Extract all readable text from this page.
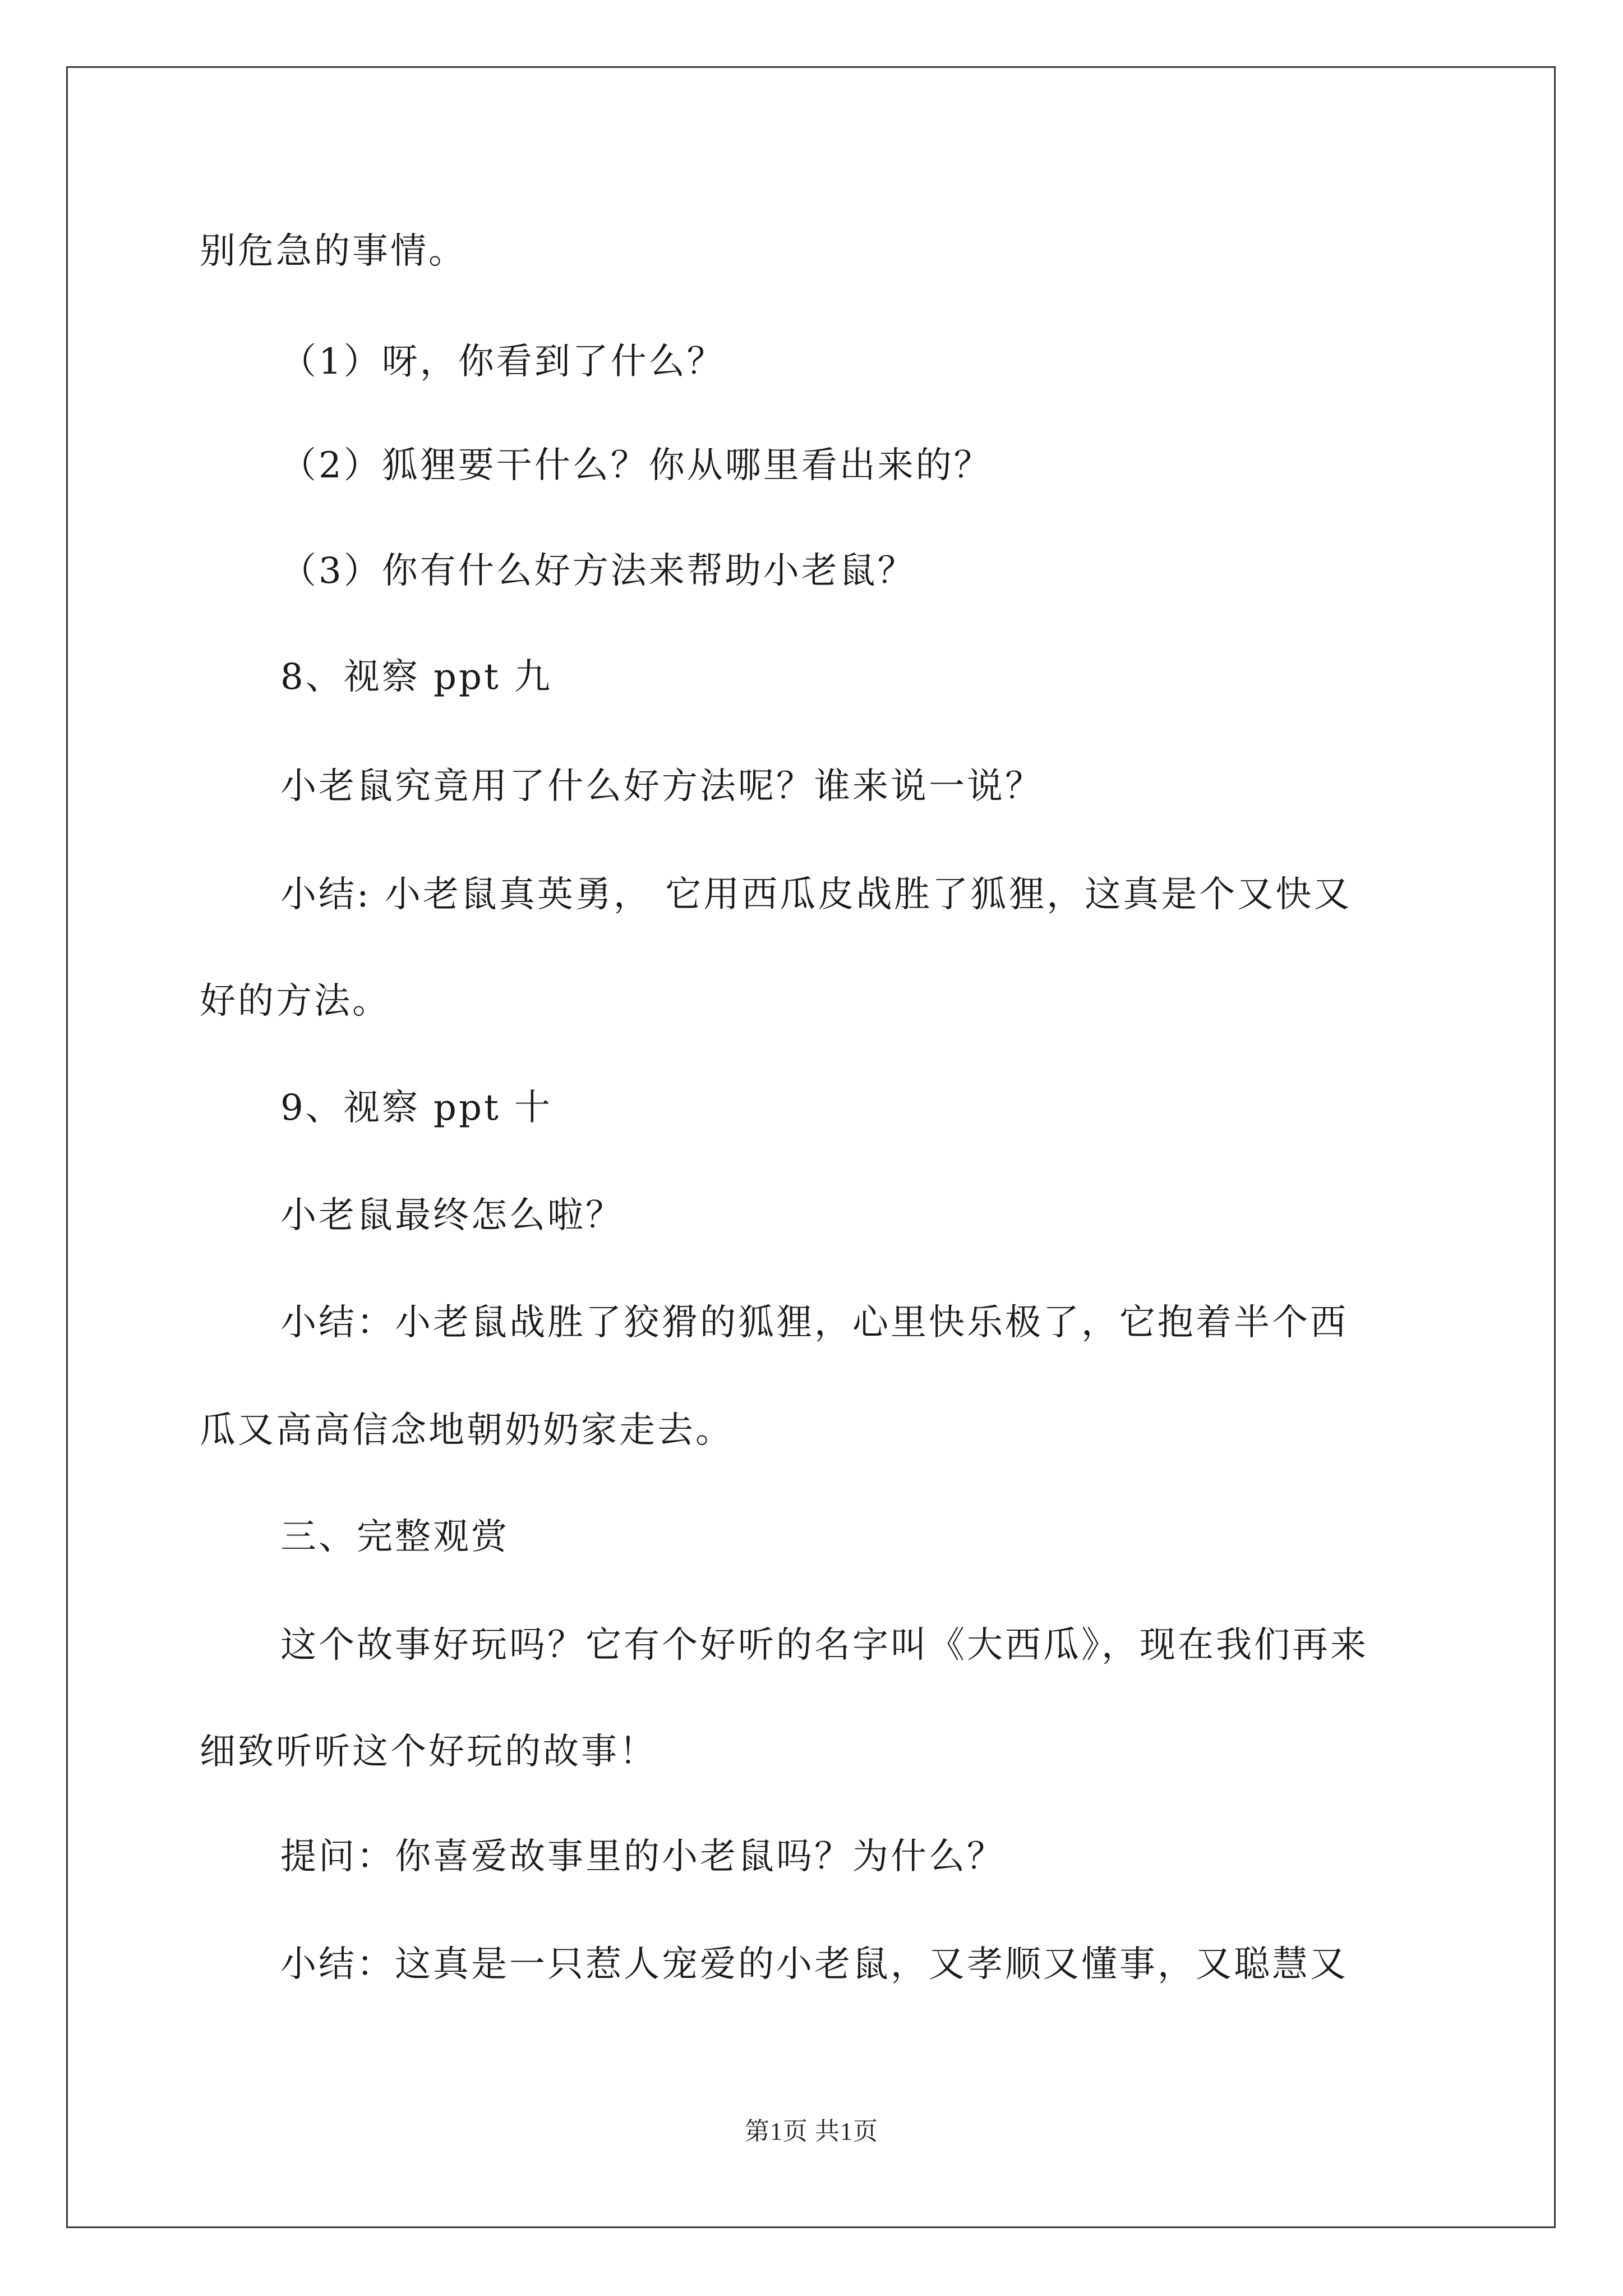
别危急的事情。
（1）呀，你看到了什么？
（2）狐狸要干什么？你从哪里看出来的？
（3）你有什么好方法来帮助小老鼠？
8、视察 ppt 九
小老鼠究竟用了什么好方法呢？谁来说一说？
小结: 小老鼠真英勇， 它用西瓜皮战胜了狐狸，这真是个又快又
好的方法。
9、视察 ppt 十
小老鼠最终怎么啦？
小结：小老鼠战胜了狡猾的狐狸，心里快乐极了，它抱着半个西
瓜又高高信念地朝奶奶家走去。
三、完整观赏
这个故事好玩吗？它有个好听的名字叫《大西瓜》，现在我们再来
细致听听这个好玩的故事！
提问：你喜爱故事里的小老鼠吗？为什么？
小结：这真是一只惹人宠爱的小老鼠，又孝顺又懂事，又聪慧又
第1页 共1页
